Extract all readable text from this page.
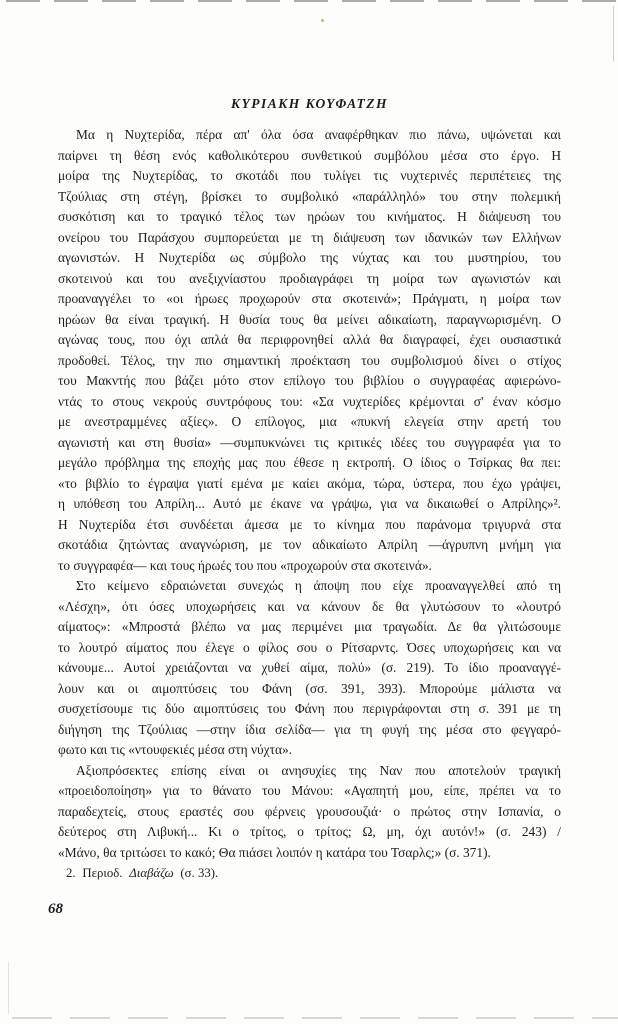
ΚΥΡΙΑΚΗ ΚΟΥΦΑΤΖΗ
Μα η Νυχτερίδα, πέρα απ' όλα όσα αναφέρθηκαν πιο πάνω, υψώνεται και
παίρνει τη θέση ενός καθολικότερου συνθετικού συμβόλου μέσα στο έργο. Η
μοίρα της Νυχτερίδας, το σκοτάδι που τυλίγει τις νυχτερινές περιπέτειες της
Τζούλιας στη στέγη, βρίσκει το συμβολικό «παράλληλό» του στην πολεμική
συσκότιση και το τραγικό τέλος των ηρώων του κινήματος. Η διάψευση του
ονείρου του Παράσχου συμπορεύεται με τη διάψευση των ιδανικών των Ελλήνων
αγωνιστών. Η Νυχτερίδα ως σύμβολο της νύχτας και του μυστηρίου, του
σκοτεινού και του ανεξιχνίαστου προδιαγράφει τη μοίρα των αγωνιστών και
προαναγγέλει το «οι ήρωες προχωρούν στα σκοτεινά»; Πράγματι, η μοίρα των
ηρώων θα είναι τραγική. Η θυσία τους θα μείνει αδικαίωτη, παραγνωρισμένη. Ο
αγώνας τους, που όχι απλά θα περιφρονηθεί αλλά θα διαγραφεί, έχει ουσιαστικά
προδοθεί. Τέλος, την πιο σημαντική προέκταση του συμβολισμού δίνει ο στίχος
του Μακντής που βάζει μότο στον επίλογο του βιβλίου ο συγγραφέας αφιερώνο-
ντάς το στους νεκρούς συντρόφους του: «Σα νυχτερίδες κρέμονται σ' έναν κόσμο
με ανεστραμμένες αξίες». Ο επίλογος, μια «πυκνή ελεγεία στην αρετή του
αγωνιστή και στη θυσία» —συμπυκνώνει τις κριτικές ιδέες του συγγραφέα για το
μεγάλο πρόβλημα της εποχής μας που έθεσε η εκτροπή. Ο ίδιος ο Τσίρκας θα πει:
«το βιβλίο το έγραψα γιατί εμένα με καίει ακόμα, τώρα, ύστερα, που έχω γράψει,
η υπόθεση του Απρίλη... Αυτό με έκανε να γράψω, για να δικαιωθεί ο Απρίλης»².
Η Νυχτερίδα έτσι συνδέεται άμεσα με το κίνημα που παράνομα τριγυρνά στα
σκοτάδια ζητώντας αναγνώριση, με τον αδικαίωτο Απρίλη —άγρυπνη μνήμη για
το συγγραφέα— και τους ήρωές του που «προχωρούν στα σκοτεινά».
Στο κείμενο εδραιώνεται συνεχώς η άποψη που είχε προαναγγελθεί από τη
«Λέσχη», ότι όσες υποχωρήσεις και να κάνουν δε θα γλυτώσουν το «λουτρό
αίματος»: «Μπροστά βλέπω να μας περιμένει μια τραγωδία. Δε θα γλιτώσουμε
το λουτρό αίματος που έλεγε ο φίλος σου ο Ρίτσαρντς. Όσες υποχωρήσεις και να
κάνουμε... Αυτοί χρειάζονται να χυθεί αίμα, πολύ» (σ. 219). Το ίδιο προαναγγέ-
λουν και οι αιμοπτύσεις του Φάνη (σσ. 391, 393). Μπορούμε μάλιστα να
συσχετίσουμε τις δύο αιμοπτύσεις του Φάνη που περιγράφονται στη σ. 391 με τη
διήγηση της Τζούλιας —στην ίδια σελίδα— για τη φυγή της μέσα στο φεγγαρό-
φωτο και τις «ντουφεκιές μέσα στη νύχτα».
Αξιοπρόσεκτες επίσης είναι οι ανησυχίες της Ναν που αποτελούν τραγική
«προειδοποίηση» για το θάνατο του Μάνου: «Αγαπητή μου, είπε, πρέπει να το
παραδεχτείς, στους εραστές σου φέρνεις γρουσουζιά· ο πρώτος στην Ισπανία, ο
δεύτερος στη Λιβυκή... Κι ο τρίτος, ο τρίτος; Ω, μη, όχι αυτόν!» (σ. 243) /
«Μάνο, θα τριτώσει το κακό; Θα πιάσει λοιπόν η κατάρα του Τσαρλς;» (σ. 371).
2. Περιοδ. Διαβάζω (σ. 33).
68
